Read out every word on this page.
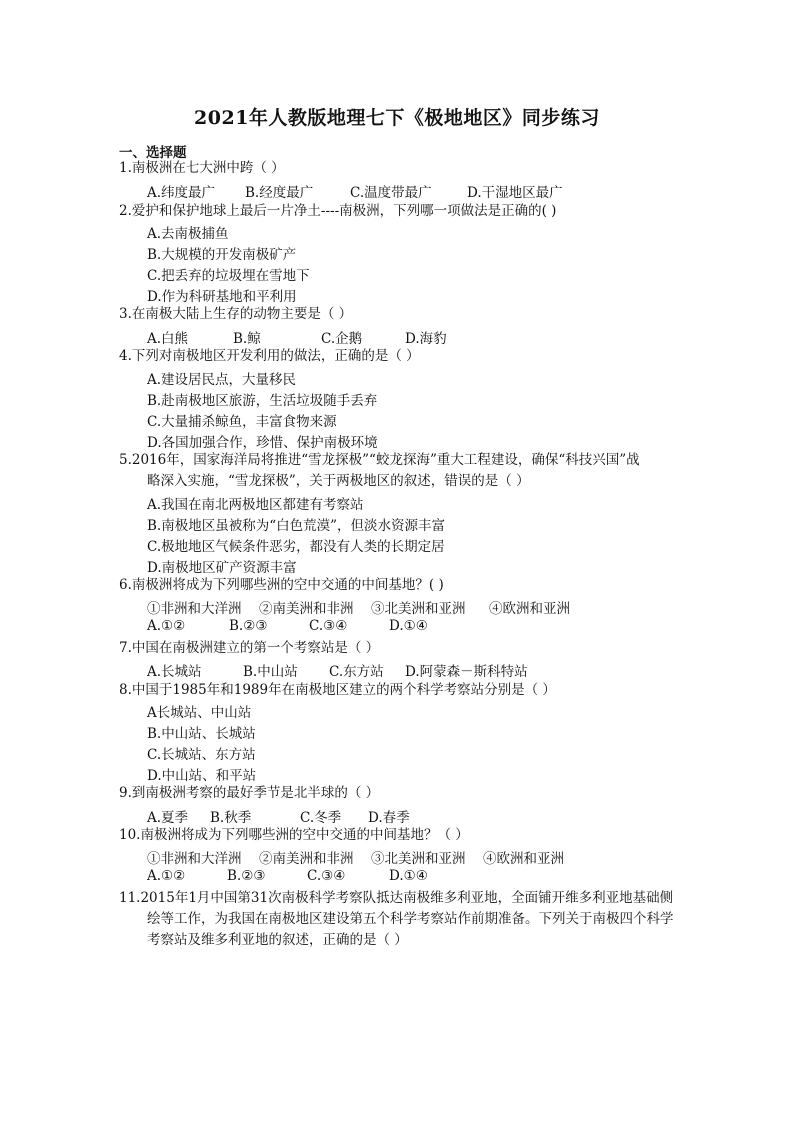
2021年人教版地理七下《极地地区》同步练习
一、选择题
1.南极洲在七大洲中跨（ ）
A.纬度最广 B.经度最广	C.温度带最广	D.干湿地区最广
2.爱护和保护地球上最后一片净土----南极洲，下列哪一项做法是正确的( )
A.去南极捕鱼
B.大规模的开发南极矿产
C.把丢弃的垃圾埋在雪地下
D.作为科研基地和平利用
3.在南极大陆上生存的动物主要是（ ）
A.白熊	B.鲸	C.企鹅	D.海豹
4.下列对南极地区开发利用的做法，正确的是（ ）
A.建设居民点，大量移民
B.赴南极地区旅游，生活垃圾随手丢弃
C.大量捕杀鲸鱼，丰富食物来源
D.各国加强合作，珍惜、保护南极环境
5.2016年，国家海洋局将推进“雪龙探极”“蛟龙探海”重大工程建设，确保“科技兴国”战
略深入实施，“雪龙探极”，关于两极地区的叙述，错误的是（ ）
A.我国在南北两极地区都建有考察站
B.南极地区虽被称为“白色荒漠”，但淡水资源丰富
C.极地地区气候条件恶劣，都没有人类的长期定居
D.南极地区矿产资源丰富
6.南极洲将成为下列哪些洲的空中交通的中间基地？( )
①非洲和大洋洲 ②南美洲和非洲 ③北美洲和亚洲 ④欧洲和亚洲
A.①②	B.②③	C.③④	D.①④
7.中国在南极洲建立的第一个考察站是（ ）
A.长城站	B.中山站 C.东方站 D.阿蒙森－斯科特站
8.中国于1985年和1989年在南极地区建立的两个科学考察站分别是（ ）
A长城站、中山站
B.中山站、长城站
C.长城站、东方站
D.中山站、和平站
9.到南极洲考察的最好季节是北半球的（ ）
A.夏季 B.秋季	C.冬季 D.春季
10.南极洲将成为下列哪些洲的空中交通的中间基地？（ ）
①非洲和大洋洲 ②南美洲和非洲 ③北美洲和亚洲 ④欧洲和亚洲
A.①②	B.②③	C.③④	D.①④
11.2015年1月中国第31次南极科学考察队抵达南极维多利亚地，全面铺开维多利亚地基础侧
绘等工作，为我国在南极地区建设第五个科学考察站作前期准备。下列关于南极四个科学
考察站及维多利亚地的叙述，正确的是（ ）
